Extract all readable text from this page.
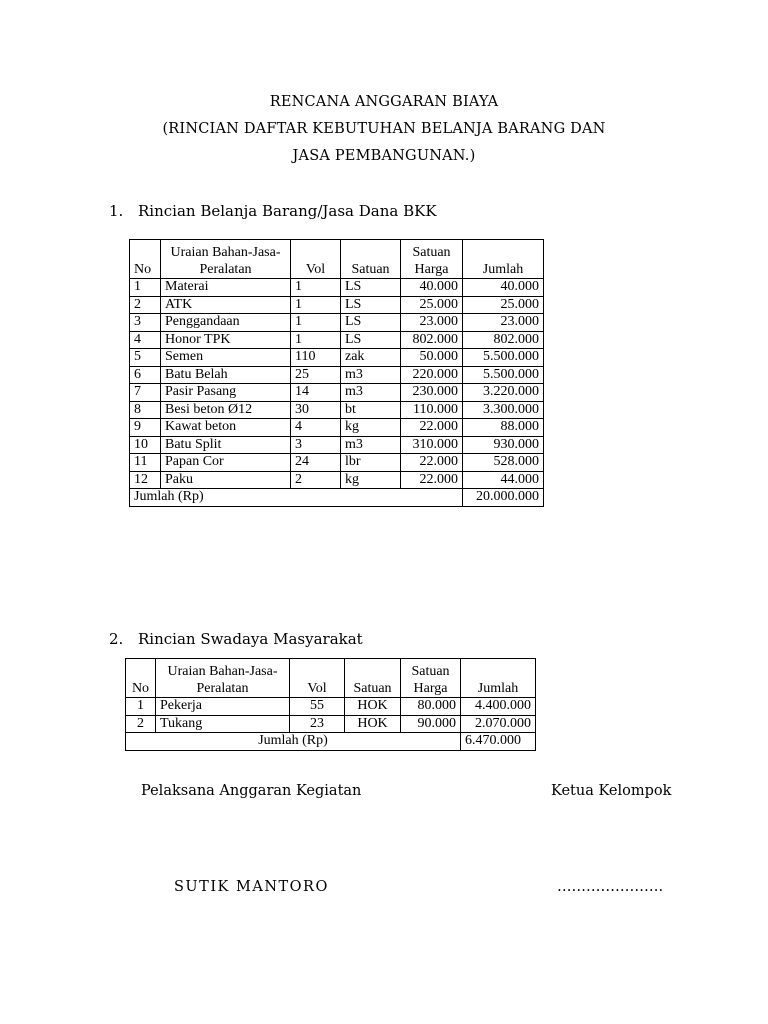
RENCANA ANGGARAN BIAYA
(RINCIAN DAFTAR KEBUTUHAN BELANJA BARANG DAN
JASA PEMBANGUNAN.)
1. Rincian Belanja Barang/Jasa Dana BKK
No	Uraian Bahan-Jasa-Peralatan	Vol	Satuan	Satuan Harga	Jumlah
1	Materai	1	LS	40.000	40.000
2	ATK	1	LS	25.000	25.000
3	Penggandaan	1	LS	23.000	23.000
4	Honor TPK	1	LS	802.000	802.000
5	Semen	110	zak	50.000	5.500.000
6	Batu Belah	25	m3	220.000	5.500.000
7	Pasir Pasang	14	m3	230.000	3.220.000
8	Besi beton Ø12	30	bt	110.000	3.300.000
9	Kawat beton	4	kg	22.000	88.000
10	Batu Split	3	m3	310.000	930.000
11	Papan Cor	24	lbr	22.000	528.000
12	Paku	2	kg	22.000	44.000
Jumlah (Rp)					20.000.000
2. Rincian Swadaya Masyarakat
No	Uraian Bahan-Jasa-Peralatan	Vol	Satuan	Satuan Harga	Jumlah
1	Pekerja	55	HOK	80.000	4.400.000
2	Tukang	23	HOK	90.000	2.070.000
Jumlah (Rp)					6.470.000
Pelaksana Anggaran Kegiatan	Ketua Kelompok
SUTIK MANTORO	………………….
